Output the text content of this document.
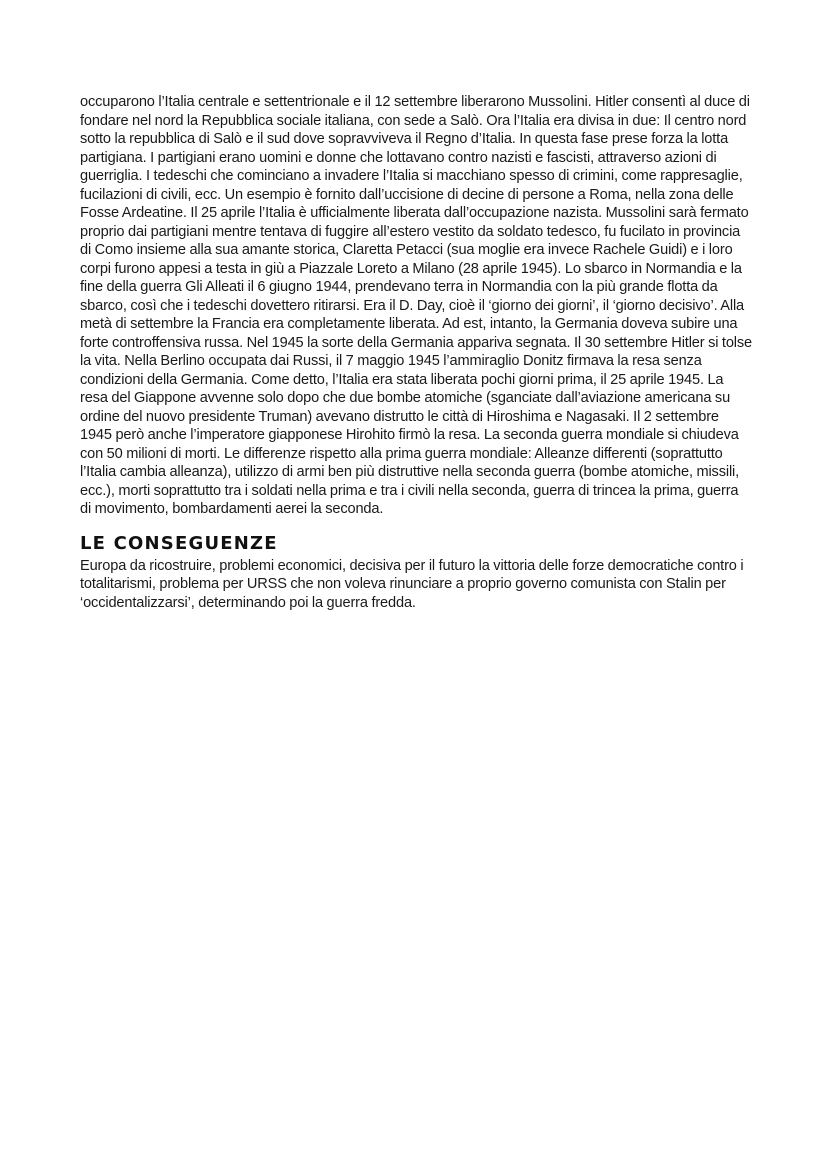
occuparono l’Italia centrale e settentrionale e il 12 settembre liberarono Mussolini. Hitler consentì al duce di fondare nel nord la Repubblica sociale italiana, con sede a Salò. Ora l’Italia era divisa in due: Il centro nord sotto la repubblica di Salò e il sud dove sopravviveva il Regno d’Italia. In questa fase prese forza la lotta partigiana. I partigiani erano uomini e donne che lottavano contro nazisti e fascisti, attraverso azioni di guerriglia. I tedeschi che cominciano a invadere l’Italia si macchiano spesso di crimini, come rappresaglie, fucilazioni di civili, ecc. Un esempio è fornito dall’uccisione di decine di persone a Roma, nella zona delle Fosse Ardeatine. Il 25 aprile l’Italia è ufficialmente liberata dall’occupazione nazista. Mussolini sarà fermato proprio dai partigiani mentre tentava di fuggire all’estero vestito da soldato tedesco, fu fucilato in provincia di Como insieme alla sua amante storica, Claretta Petacci (sua moglie era invece Rachele Guidi) e i loro corpi furono appesi a testa in giù a Piazzale Loreto a Milano (28 aprile 1945). Lo sbarco in Normandia e la fine della guerra Gli Alleati il 6 giugno 1944, prendevano terra in Normandia con la più grande flotta da sbarco, così che i tedeschi dovettero ritirarsi. Era il D. Day, cioè il ‘giorno dei giorni’, il ‘giorno decisivo’. Alla metà di settembre la Francia era completamente liberata. Ad est, intanto, la Germania doveva subire una forte controffensiva russa. Nel 1945 la sorte della Germania appariva segnata. Il 30 settembre Hitler si tolse la vita. Nella Berlino occupata dai Russi, il 7 maggio 1945 l’ammiraglio Donitz firmava la resa senza condizioni della Germania. Come detto, l’Italia era stata liberata pochi giorni prima, il 25 aprile 1945. La resa del Giappone avvenne solo dopo che due bombe atomiche (sganciate dall’aviazione americana su ordine del nuovo presidente Truman) avevano distrutto le città di Hiroshima e Nagasaki. Il 2 settembre 1945 però anche l’imperatore giapponese Hirohito firmò la resa. La seconda guerra mondiale si chiudeva con 50 milioni di morti. Le differenze rispetto alla prima guerra mondiale: Alleanze differenti (soprattutto l’Italia cambia alleanza), utilizzo di armi ben più distruttive nella seconda guerra (bombe atomiche, missili, ecc.), morti soprattutto tra i soldati nella prima e tra i civili nella seconda, guerra di trincea la prima, guerra di movimento, bombardamenti aerei la seconda.

LE CONSEGUENZE

Europa da ricostruire, problemi economici, decisiva per il futuro la vittoria delle forze democratiche contro i totalitarismi, problema per URSS che non voleva rinunciare a proprio governo comunista con Stalin per ‘occidentalizzarsi’, determinando poi la guerra fredda.
